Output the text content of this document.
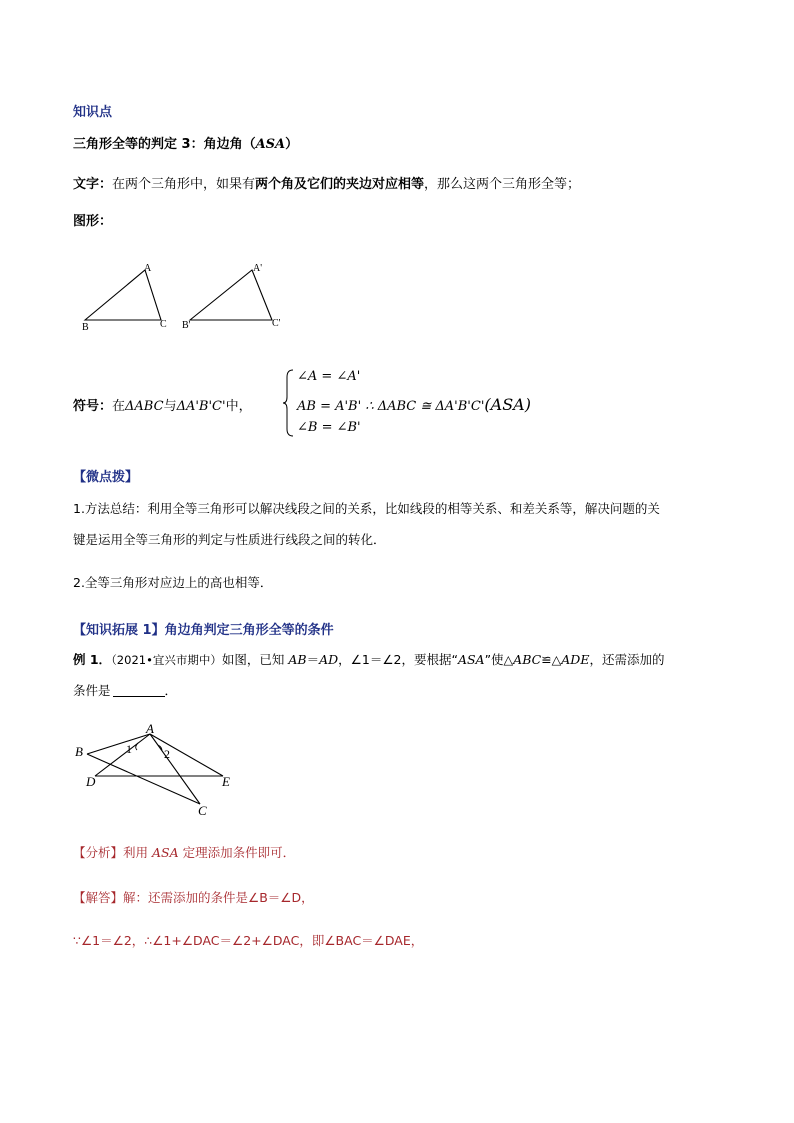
知识点
三角形全等的判定 3：角边角（ASA）
文字：在两个三角形中，如果有两个角及它们的夹边对应相等，那么这两个三角形全等；
图形：
A
B	C
A'
B'	C'
符号：在ΔABC与ΔA'B'C'中，
∠A = ∠A'
AB = A'B' ∴ ΔABC ≅ ΔA'B'C'(ASA)
∠B = ∠B'
【微点拨】
1.方法总结：利用全等三角形可以解决线段之间的关系，比如线段的相等关系、和差关系等，解决问题的关
键是运用全等三角形的判定与性质进行线段之间的转化．
2.全等三角形对应边上的高也相等．
【知识拓展 1】角边角判定三角形全等的条件
例 1．（2021•宜兴市期中）如图，已知 AB＝AD，∠1＝∠2，要根据“ASA”使△ABC≌△ADE，还需添加的
条件是	．
A
B
D	E
C
1	2
【分析】利用 ASA 定理添加条件即可．
【解答】解：还需添加的条件是∠B＝∠D，
∵∠1＝∠2，∴∠1+∠DAC＝∠2+∠DAC，即∠BAC＝∠DAE，
